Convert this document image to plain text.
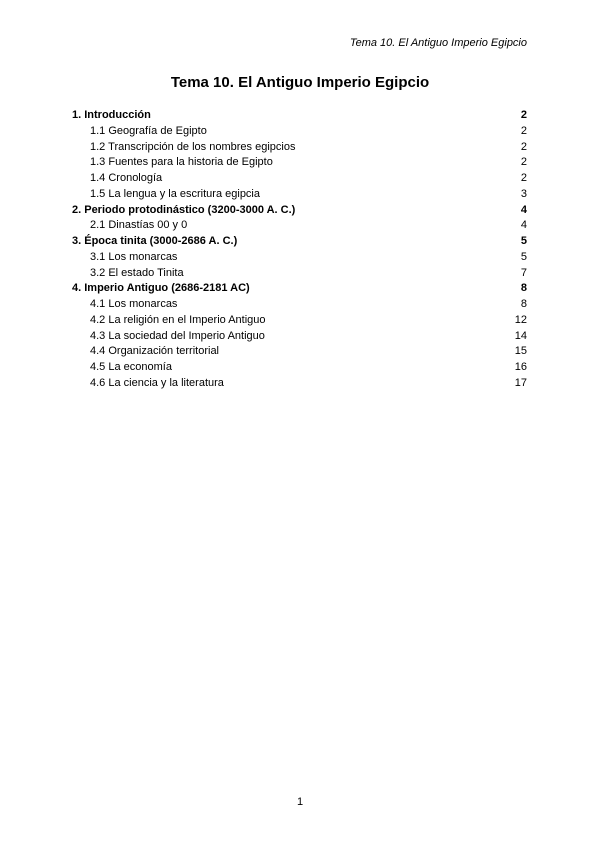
Tema 10. El Antiguo Imperio Egipcio
Tema 10. El Antiguo Imperio Egipcio
1. Introducción	2
1.1 Geografía de Egipto	2
1.2 Transcripción de los nombres egipcios	2
1.3 Fuentes para la historia de Egipto	2
1.4 Cronología	2
1.5 La lengua y la escritura egipcia	3
2. Periodo protodinástico (3200-3000 A. C.)	4
2.1 Dinastías 00 y 0	4
3. Época tinita (3000-2686 A. C.)	5
3.1 Los monarcas	5
3.2 El estado Tinita	7
4. Imperio Antiguo (2686-2181 AC)	8
4.1 Los monarcas	8
4.2 La religión en el Imperio Antiguo	12
4.3 La sociedad del Imperio Antiguo	14
4.4 Organización territorial	15
4.5 La economía	16
4.6 La ciencia y la literatura	17
1
